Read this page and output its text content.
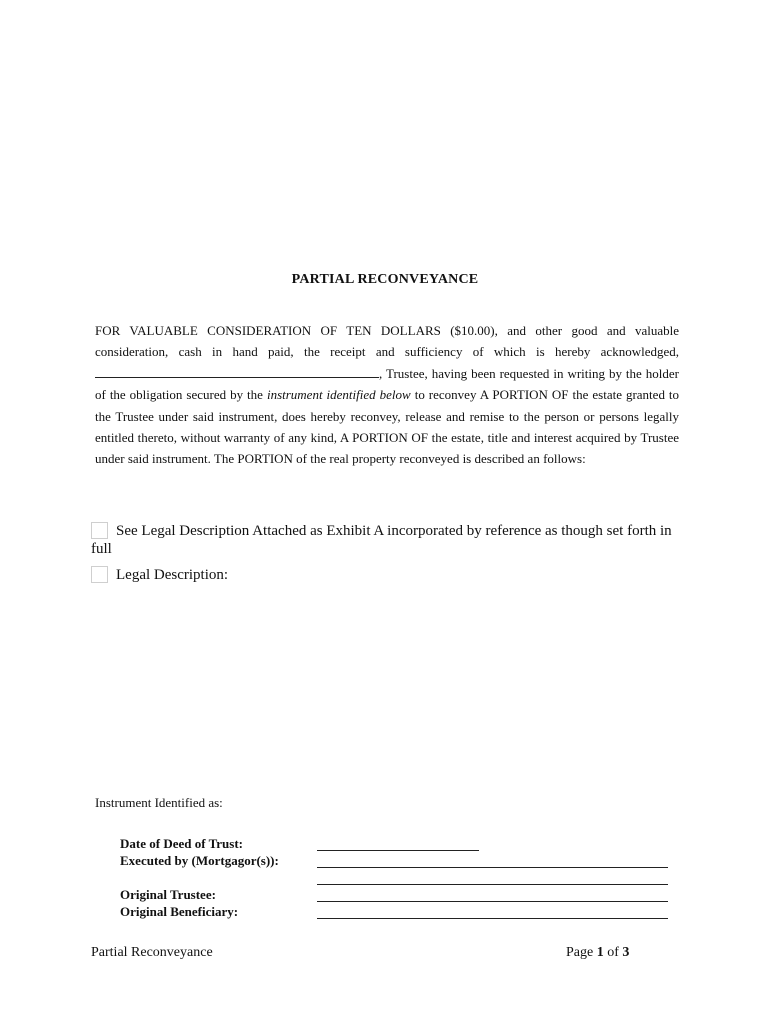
PARTIAL RECONVEYANCE
FOR VALUABLE CONSIDERATION OF TEN DOLLARS ($10.00), and other good and valuable consideration, cash in hand paid, the receipt and sufficiency of which is hereby acknowledged, , Trustee, having been requested in writing by the holder of the obligation secured by the instrument identified below to reconvey A PORTION OF the estate granted to the Trustee under said instrument, does hereby reconvey, release and remise to the person or persons legally entitled thereto, without warranty of any kind, A PORTION OF the estate, title and interest acquired by Trustee under said instrument. The PORTION of the real property reconveyed is described an follows:
See Legal Description Attached as Exhibit A incorporated by reference as though set forth in full
Legal Description:
Instrument Identified as:
Date of Deed of Trust:
Executed by (Mortgagor(s)):
Original Trustee:
Original Beneficiary:
Partial Reconveyance	Page 1 of 3
